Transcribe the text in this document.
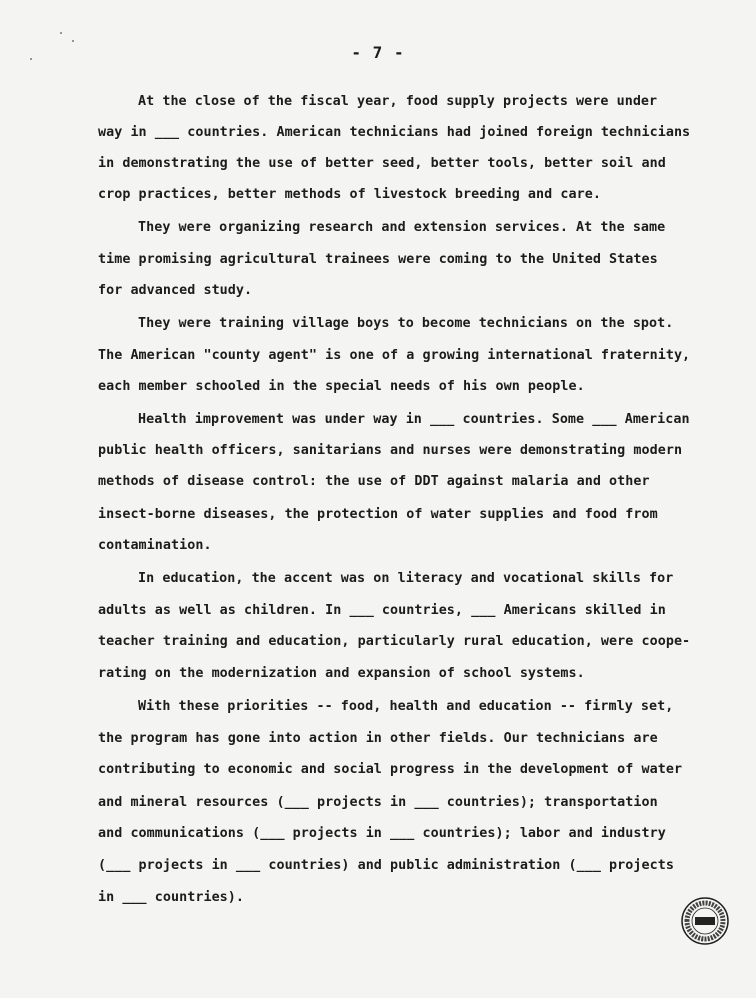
- 7 -
At the close of the fiscal year, food supply projects were under
way in ___ countries. American technicians had joined foreign technicians
in demonstrating the use of better seed, better tools, better soil and
crop practices, better methods of livestock breeding and care.
They were organizing research and extension services. At the same
time promising agricultural trainees were coming to the United States
for advanced study.
They were training village boys to become technicians on the spot.
The American "county agent" is one of a growing international fraternity,
each member schooled in the special needs of his own people.
Health improvement was under way in ___ countries. Some ___ American
public health officers, sanitarians and nurses were demonstrating modern
methods of disease control: the use of DDT against malaria and other
insect-borne diseases, the protection of water supplies and food from
contamination.
In education, the accent was on literacy and vocational skills for
adults as well as children. In ___ countries, ___ Americans skilled in
teacher training and education, particularly rural education, were coope-
rating on the modernization and expansion of school systems.
With these priorities -- food, health and education -- firmly set,
the program has gone into action in other fields. Our technicians are
contributing to economic and social progress in the development of water
and mineral resources (___ projects in ___ countries); transportation
and communications (___ projects in ___ countries); labor and industry
(___ projects in ___ countries) and public administration (___ projects
in ___ countries).
